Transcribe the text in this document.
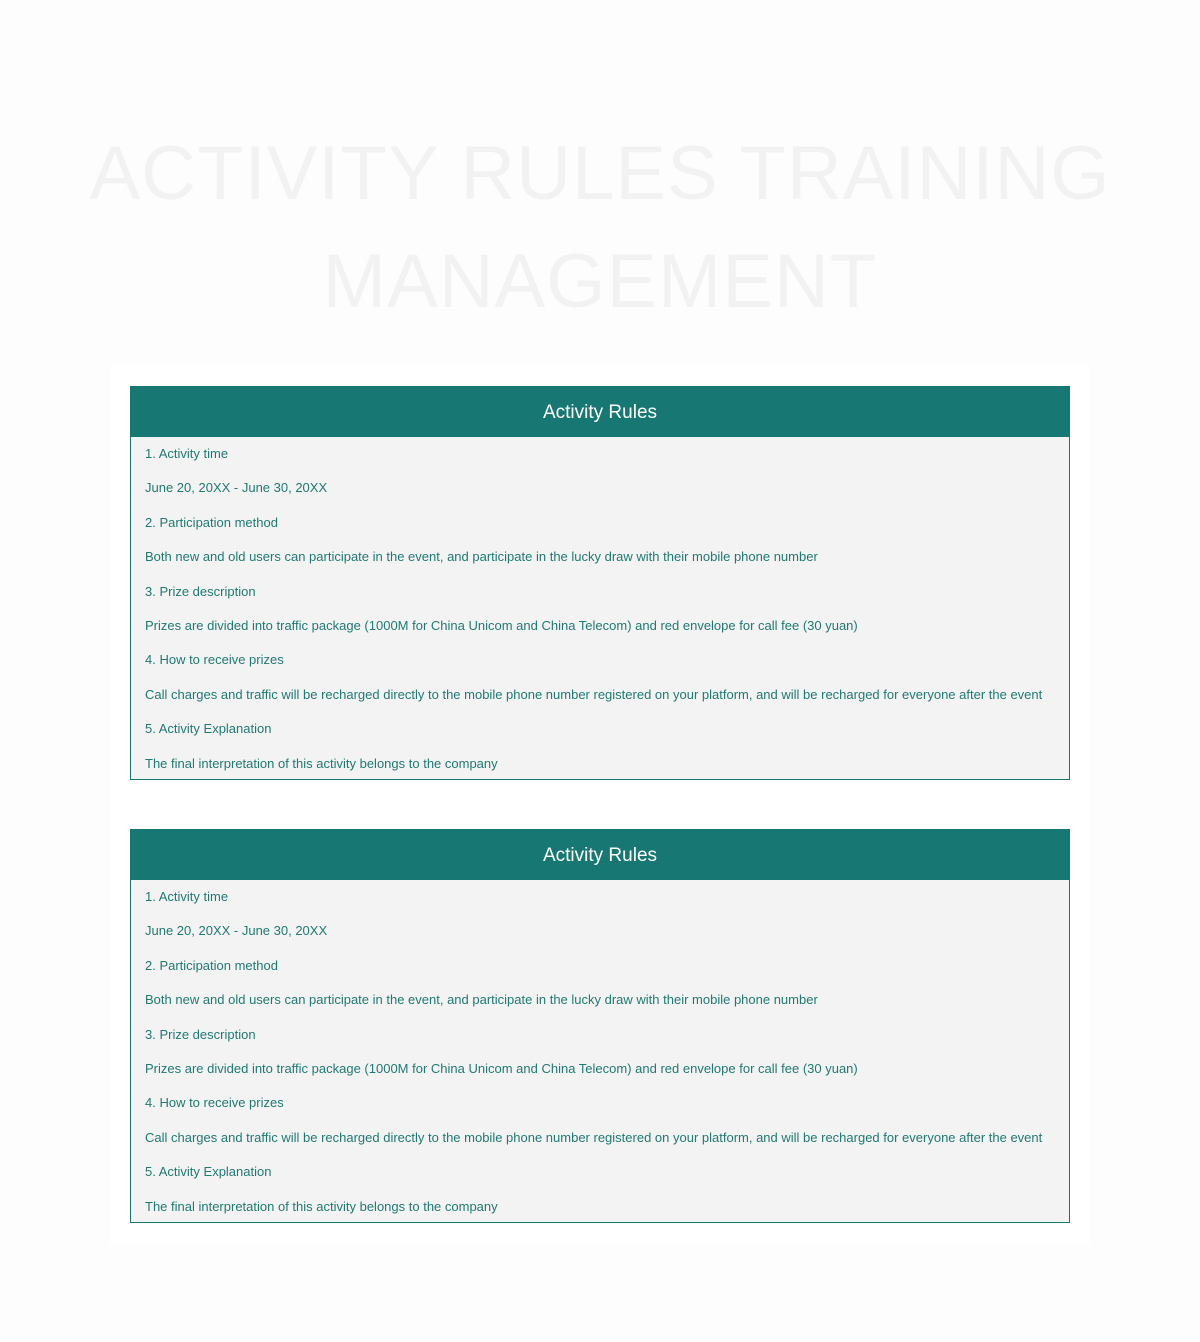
ACTIVITY RULES TRAINING
MANAGEMENT
Activity Rules
1. Activity time
June 20, 20XX - June 30, 20XX
2. Participation method
Both new and old users can participate in the event, and participate in the lucky draw with their mobile phone number
3. Prize description
Prizes are divided into traffic package (1000M for China Unicom and China Telecom) and red envelope for call fee (30 yuan)
4. How to receive prizes
Call charges and traffic will be recharged directly to the mobile phone number registered on your platform, and will be recharged for everyone after the event
5. Activity Explanation
The final interpretation of this activity belongs to the company
Activity Rules
1. Activity time
June 20, 20XX - June 30, 20XX
2. Participation method
Both new and old users can participate in the event, and participate in the lucky draw with their mobile phone number
3. Prize description
Prizes are divided into traffic package (1000M for China Unicom and China Telecom) and red envelope for call fee (30 yuan)
4. How to receive prizes
Call charges and traffic will be recharged directly to the mobile phone number registered on your platform, and will be recharged for everyone after the event
5. Activity Explanation
The final interpretation of this activity belongs to the company
